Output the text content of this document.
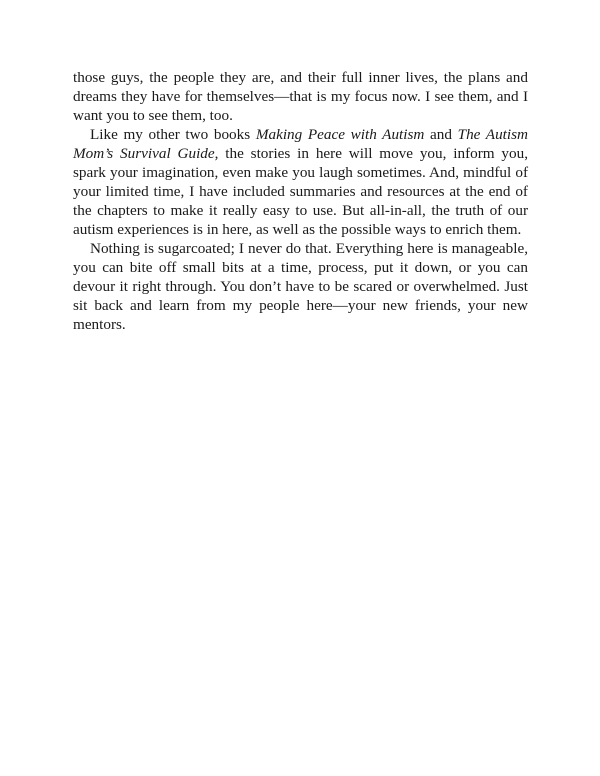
those guys, the people they are, and their full inner lives, the plans and dreams they have for themselves—that is my focus now. I see them, and I want you to see them, too.

Like my other two books Making Peace with Autism and The Autism Mom’s Survival Guide, the stories in here will move you, inform you, spark your imagination, even make you laugh sometimes. And, mindful of your limited time, I have included summaries and resources at the end of the chapters to make it really easy to use. But all-in-all, the truth of our autism experiences is in here, as well as the possible ways to enrich them.

Nothing is sugarcoated; I never do that. Everything here is manageable, you can bite off small bits at a time, process, put it down, or you can devour it right through. You don’t have to be scared or overwhelmed. Just sit back and learn from my people here—your new friends, your new mentors.
